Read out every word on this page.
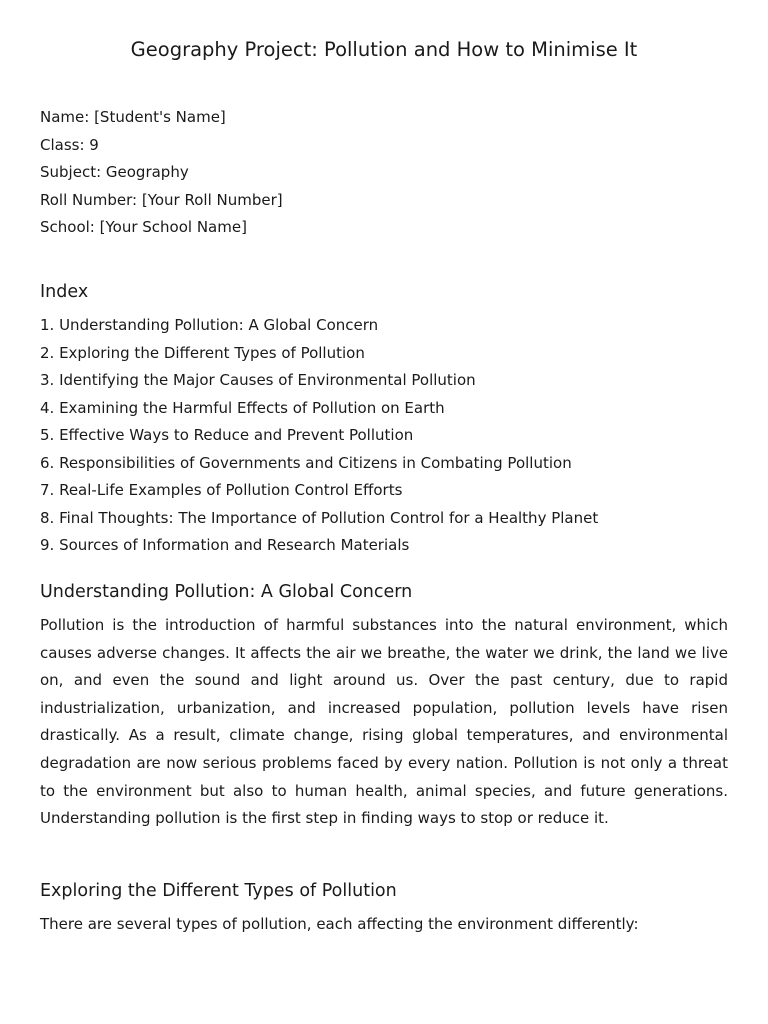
Geography Project: Pollution and How to Minimise It
Name: [Student's Name]
Class: 9
Subject: Geography
Roll Number: [Your Roll Number]
School: [Your School Name]
Index
1. Understanding Pollution: A Global Concern
2. Exploring the Different Types of Pollution
3. Identifying the Major Causes of Environmental Pollution
4. Examining the Harmful Effects of Pollution on Earth
5. Effective Ways to Reduce and Prevent Pollution
6. Responsibilities of Governments and Citizens in Combating Pollution
7. Real-Life Examples of Pollution Control Efforts
8. Final Thoughts: The Importance of Pollution Control for a Healthy Planet
9. Sources of Information and Research Materials
Understanding Pollution: A Global Concern

Pollution is the introduction of harmful substances into the natural environment, which causes adverse changes. It affects the air we breathe, the water we drink, the land we live on, and even the sound and light around us. Over the past century, due to rapid industrialization, urbanization, and increased population, pollution levels have risen drastically. As a result, climate change, rising global temperatures, and environmental degradation are now serious problems faced by every nation. Pollution is not only a threat to the environment but also to human health, animal species, and future generations. Understanding pollution is the first step in finding ways to stop or reduce it.

Exploring the Different Types of Pollution

There are several types of pollution, each affecting the environment differently:
